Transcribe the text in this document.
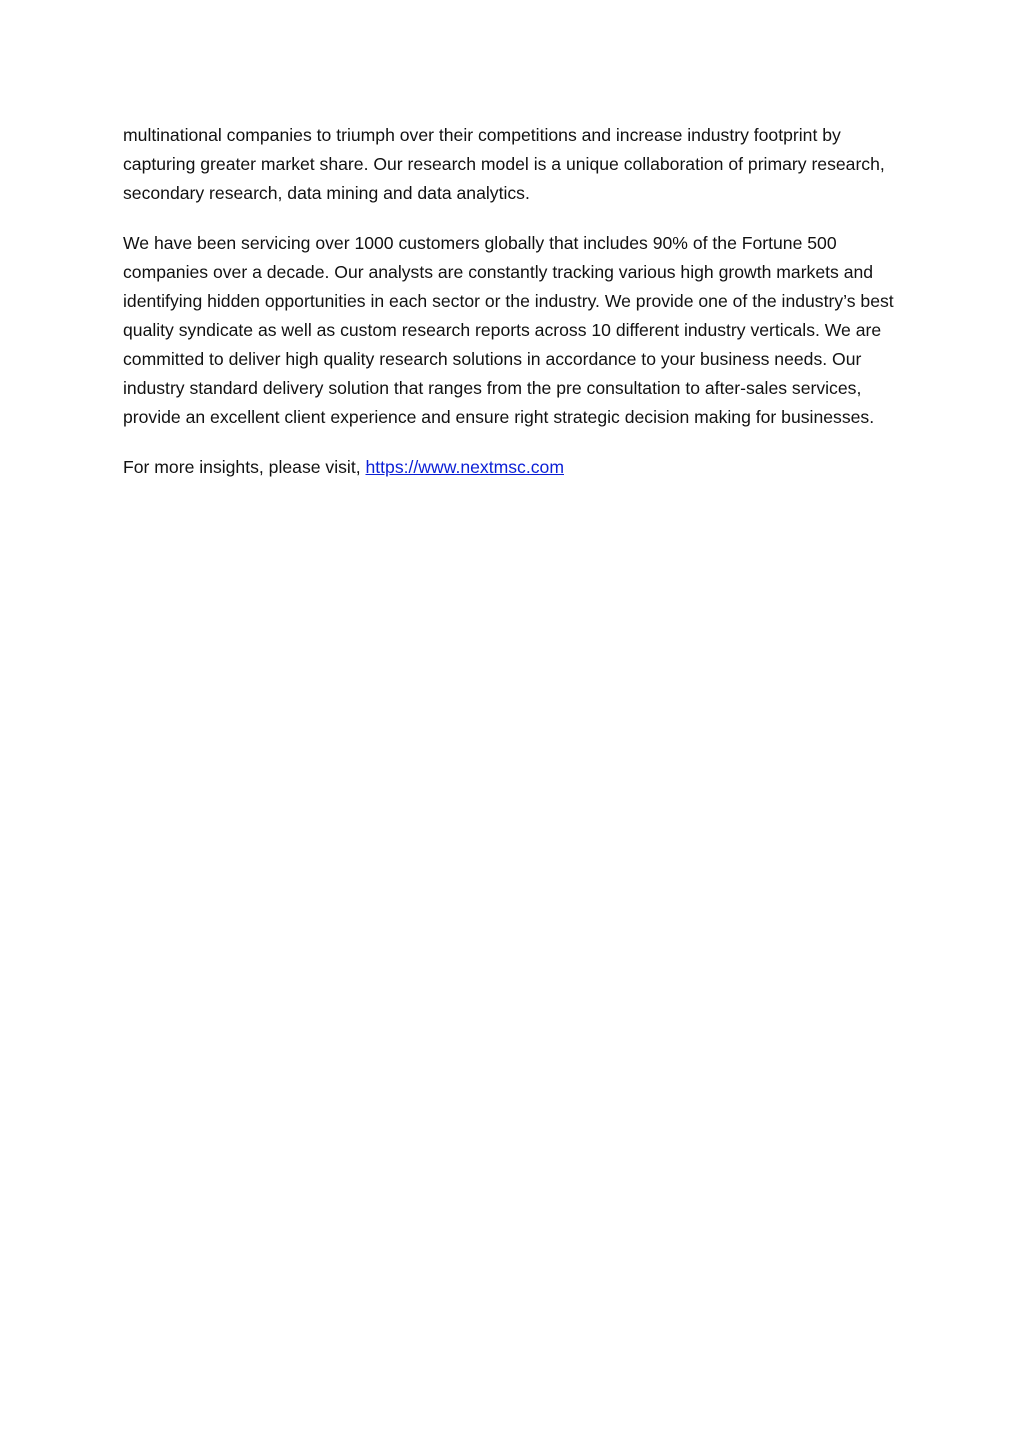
multinational companies to triumph over their competitions and increase industry footprint by capturing greater market share. Our research model is a unique collaboration of primary research, secondary research, data mining and data analytics.

We have been servicing over 1000 customers globally that includes 90% of the Fortune 500 companies over a decade. Our analysts are constantly tracking various high growth markets and identifying hidden opportunities in each sector or the industry. We provide one of the industry’s best quality syndicate as well as custom research reports across 10 different industry verticals. We are committed to deliver high quality research solutions in accordance to your business needs. Our industry standard delivery solution that ranges from the pre consultation to after-sales services, provide an excellent client experience and ensure right strategic decision making for businesses.

For more insights, please visit, https://www.nextmsc.com
